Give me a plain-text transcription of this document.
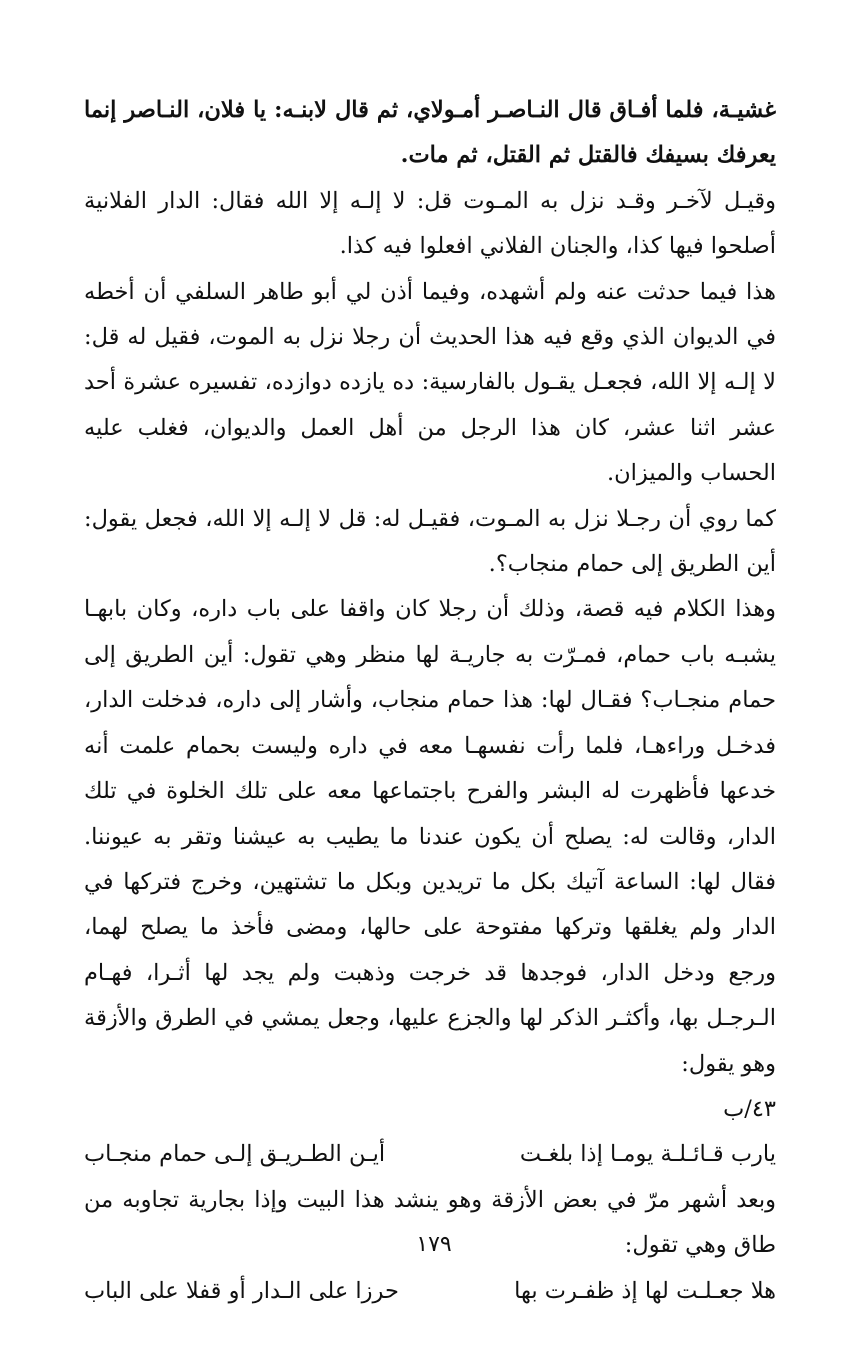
غشيـة، فلما أفـاق قال النـاصـر أمـولاي، ثم قال لابنـه: يا فلان، النـاصر إنما يعرفك بسيفك فالقتل ثم القتل، ثم مات.

وقيـل لآخـر وقـد نزل به المـوت قل: لا إلـه إلا الله فقال: الدار الفلانية أصلحوا فيها كذا، والجنان الفلاني افعلوا فيه كذا.

هذا فيما حدثت عنه ولم أشهده، وفيما أذن لي أبو طاهر السلفي أن أخطه في الديوان الذي وقع فيه هذا الحديث أن رجلا نزل به الموت، فقيل له قل: لا إلـه إلا الله، فجعـل يقـول بالفارسية: ده يازده دوازده، تفسيره عشرة أحد عشر اثنا عشر، كان هذا الرجل من أهل العمل والديوان، فغلب عليه الحساب والميزان.

كما روي أن رجـلا نزل به المـوت، فقيـل له: قل لا إلـه إلا الله، فجعل يقول: أين الطريق إلى حمام منجاب؟.

وهذا الكلام فيه قصة، وذلك أن رجلا كان واقفا على باب داره، وكان بابهـا يشبـه باب حمام، فمـرّت به جاريـة لها منظر وهي تقول: أين الطريق إلى حمام منجـاب؟ فقـال لها: هذا حمام منجاب، وأشار إلى داره، فدخلت الدار، فدخـل وراءهـا، فلما رأت نفسهـا معه في داره وليست بحمام علمت أنه خدعها فأظهرت له البشر والفرح باجتماعها معه على تلك الخلوة في تلك الدار، وقالت له: يصلح أن يكون عندنا ما يطيب به عيشنا وتقر به عيوننا. فقال لها: الساعة آتيك بكل ما تريدين وبكل ما تشتهين، وخرج فتركها في الدار ولم يغلقها وتركها مفتوحة على حالها، ومضى فأخذ ما يصلح لهما، ورجع ودخل الدار، فوجدها قد خرجت وذهبت ولم يجد لها أثـرا، فهـام الـرجـل بها، وأكثـر الذكر لها والجزع عليها، وجعل يمشي في الطرق والأزقة وهو يقول:

٤٣/ب

يارب قـائـلـة يومـا إذا بلغـت
أيـن الطـريـق إلـى حمام منجـاب

وبعد أشهر مرّ في بعض الأزقة وهو ينشد هذا البيت وإذا بجارية تجاوبه من طاق وهي تقول:

هلا جعـلـت لها إذ ظفـرت بها
حرزا على الـدار أو قفلا على الباب
١٧٩
